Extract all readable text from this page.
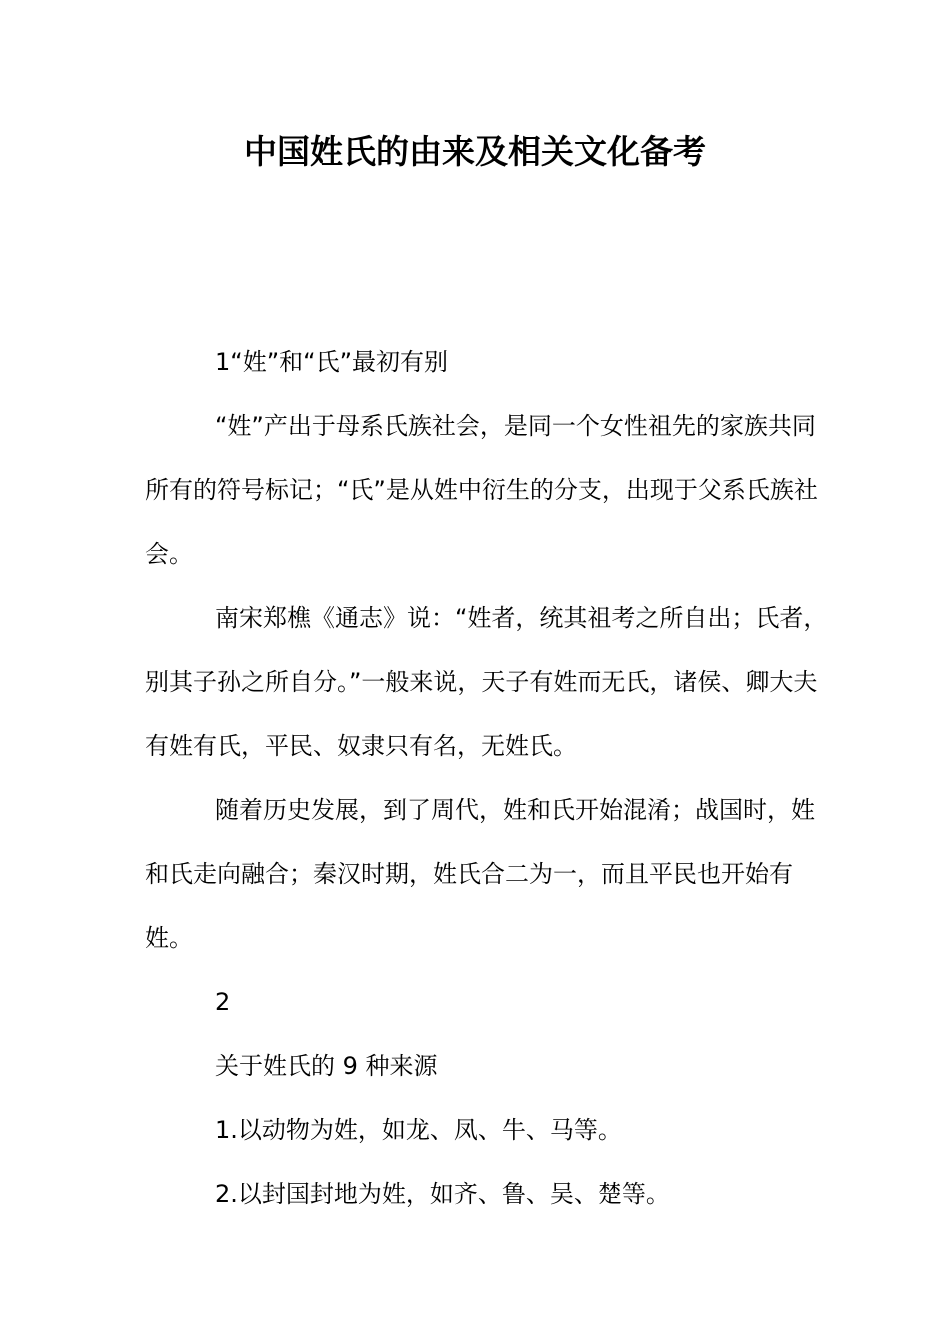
中国姓氏的由来及相关文化备考

1“姓”和“氏”最初有别

“姓”产出于母系氏族社会，是同一个女性祖先的家族共同所有的符号标记；“氏”是从姓中衍生的分支，出现于父系氏族社会。

南宋郑樵《通志》说：“姓者，统其祖考之所自出；氏者，别其子孙之所自分。”一般来说，天子有姓而无氏，诸侯、卿大夫有姓有氏，平民、奴隶只有名，无姓氏。

随着历史发展，到了周代，姓和氏开始混淆；战国时，姓和氏走向融合；秦汉时期，姓氏合二为一，而且平民也开始有姓。

2

关于姓氏的 9 种来源

1.以动物为姓，如龙、凤、牛、马等。

2.以封国封地为姓，如齐、鲁、吴、楚等。
